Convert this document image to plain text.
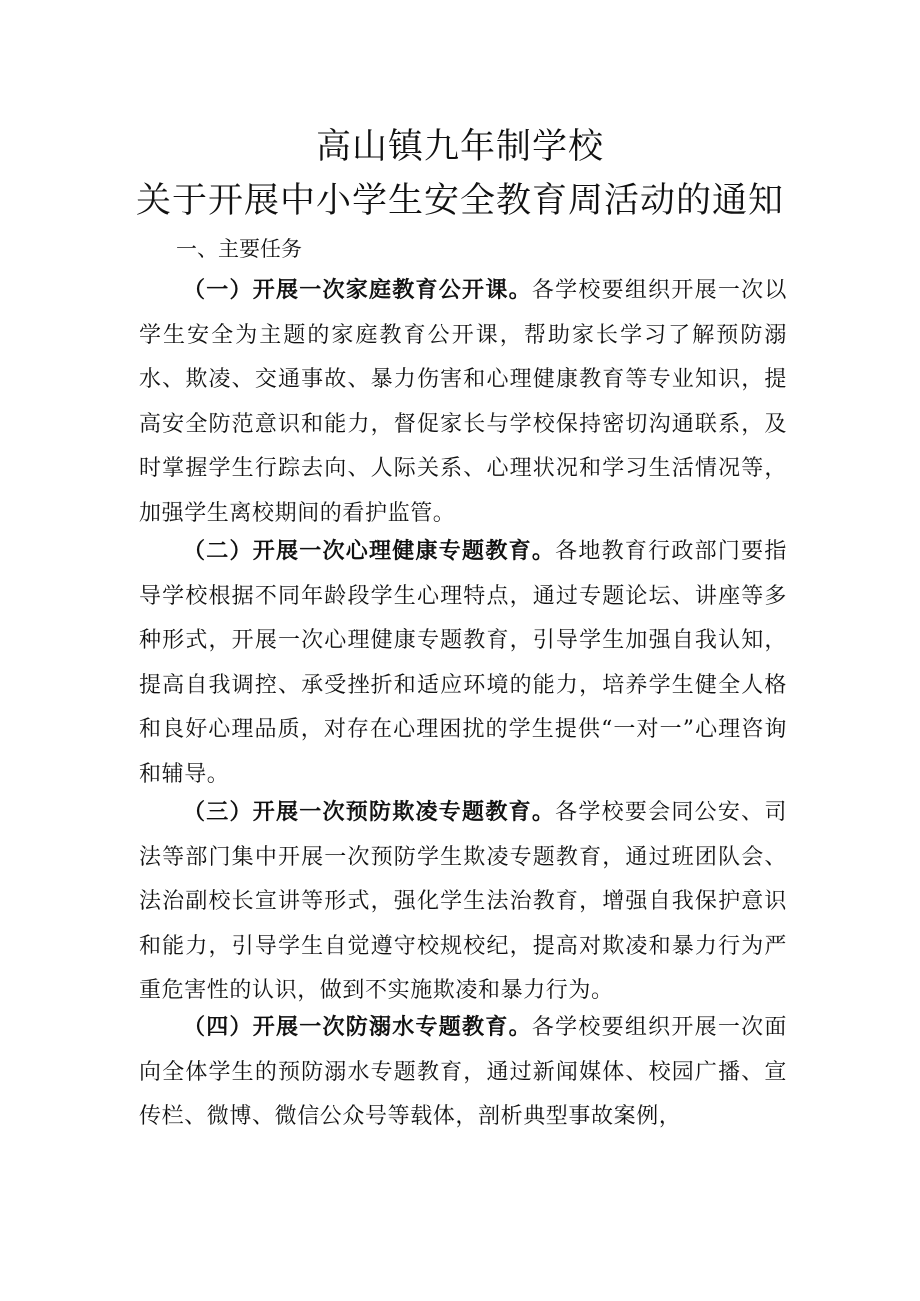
高山镇九年制学校
关于开展中小学生安全教育周活动的通知
一、主要任务

（一）开展一次家庭教育公开课。各学校要组织开展一次以学生安全为主题的家庭教育公开课，帮助家长学习了解预防溺水、欺凌、交通事故、暴力伤害和心理健康教育等专业知识，提高安全防范意识和能力，督促家长与学校保持密切沟通联系，及时掌握学生行踪去向、人际关系、心理状况和学习生活情况等，加强学生离校期间的看护监管。

（二）开展一次心理健康专题教育。各地教育行政部门要指导学校根据不同年龄段学生心理特点，通过专题论坛、讲座等多种形式，开展一次心理健康专题教育，引导学生加强自我认知，提高自我调控、承受挫折和适应环境的能力，培养学生健全人格和良好心理品质，对存在心理困扰的学生提供“一对一”心理咨询和辅导。

（三）开展一次预防欺凌专题教育。各学校要会同公安、司法等部门集中开展一次预防学生欺凌专题教育，通过班团队会、法治副校长宣讲等形式，强化学生法治教育，增强自我保护意识和能力，引导学生自觉遵守校规校纪，提高对欺凌和暴力行为严重危害性的认识，做到不实施欺凌和暴力行为。

（四）开展一次防溺水专题教育。各学校要组织开展一次面向全体学生的预防溺水专题教育，通过新闻媒体、校园广播、宣传栏、微博、微信公众号等载体，剖析典型事故案例，
